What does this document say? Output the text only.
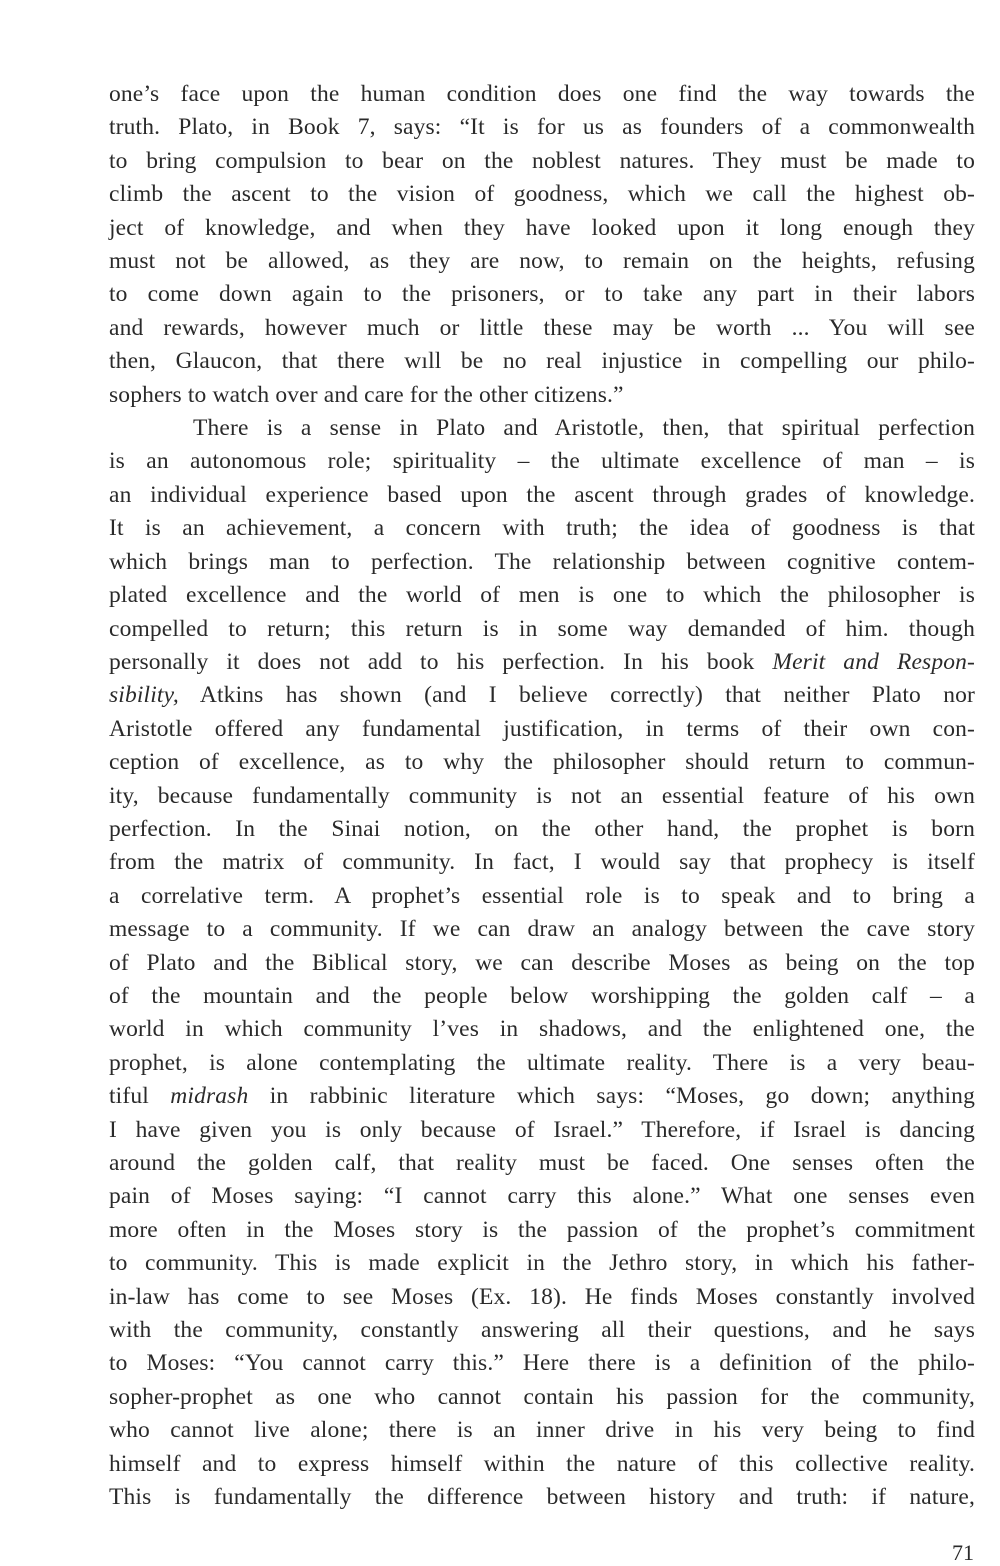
one’s face upon the human condition does one find the way towards the
truth. Plato, in Book 7, says: “It is for us as founders of a commonwealth
to bring compulsion to bear on the noblest natures. They must be made to
climb the ascent to the vision of goodness, which we call the highest ob-
ject of knowledge, and when they have looked upon it long enough they
must not be allowed, as they are now, to remain on the heights, refusing
to come down again to the prisoners, or to take any part in their labors
and rewards, however much or little these may be worth ... You will see
then, Glaucon, that there wıll be no real injustice in compelling our philo-
sophers to watch over and care for the other citizens.”

There is a sense in Plato and Aristotle, then, that spiritual perfection
is an autonomous role; spirituality – the ultimate excellence of man – is
an individual experience based upon the ascent through grades of knowledge.
It is an achievement, a concern with truth; the idea of goodness is that
which brings man to perfection. The relationship between cognitive contem-
plated excellence and the world of men is one to which the philosopher is
compelled to return; this return is in some way demanded of him. though
personally it does not add to his perfection. In his book Merit and Respon-
sibility, Atkins has shown (and I believe correctly) that neither Plato nor
Aristotle offered any fundamental justification, in terms of their own con-
ception of excellence, as to why the philosopher should return to commun-
ity, because fundamentally community is not an essential feature of his own
perfection. In the Sinai notion, on the other hand, the prophet is born
from the matrix of community. In fact, I would say that prophecy is itself
a correlative term. A prophet’s essential role is to speak and to bring a
message to a community. If we can draw an analogy between the cave story
of Plato and the Biblical story, we can describe Moses as being on the top
of the mountain and the people below worshipping the golden calf – a
world in which community l’ves in shadows, and the enlightened one, the
prophet, is alone contemplating the ultimate reality. There is a very beau-
tiful midrash in rabbinic literature which says: “Moses, go down; anything
I have given you is only because of Israel.” Therefore, if Israel is dancing
around the golden calf, that reality must be faced. One senses often the
pain of Moses saying: “I cannot carry this alone.” What one senses even
more often in the Moses story is the passion of the prophet’s commitment
to community. This is made explicit in the Jethro story, in which his father-
in-law has come to see Moses (Ex. 18). He finds Moses constantly involved
with the community, constantly answering all their questions, and he says
to Moses: “You cannot carry this.” Here there is a definition of the philo-
sopher-prophet as one who cannot contain his passion for the community,
who cannot live alone; there is an inner drive in his very being to find
himself and to express himself within the nature of this collective reality.
This is fundamentally the difference between history and truth: if nature,

71
